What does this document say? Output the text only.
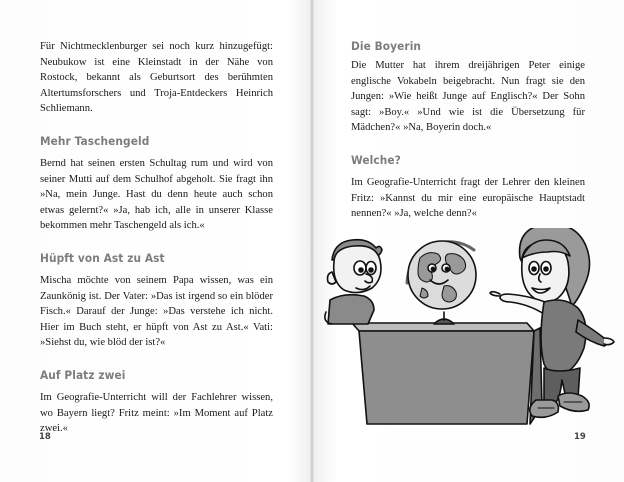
Für Nichtmecklenburger sei noch kurz hinzugefügt: Neubukow ist eine Kleinstadt in der Nähe von Rostock, bekannt als Geburtsort des berühmten Altertumsforschers und Troja-Entdeckers Heinrich Schliemann.

Mehr Taschengeld

Bernd hat seinen ersten Schultag rum und wird von seiner Mutti auf dem Schulhof abgeholt. Sie fragt ihn »Na, mein Junge. Hast du denn heute auch schon etwas gelernt?« »Ja, hab ich, alle in unserer Klasse bekommen mehr Taschengeld als ich.«

Hüpft von Ast zu Ast

Mischa möchte von seinem Papa wissen, was ein Zaunkönig ist. Der Vater: »Das ist irgend so ein blöder Fisch.« Darauf der Junge: »Das verstehe ich nicht. Hier im Buch steht, er hüpft von Ast zu Ast.« Vati: »Siehst du, wie blöd der ist?«

Auf Platz zwei

Im Geografie-Unterricht will der Fachlehrer wissen, wo Bayern liegt? Fritz meint: »Im Moment auf Platz zwei.«

18
Die Boyerin

Die Mutter hat ihrem dreijährigen Peter einige englische Vokabeln beigebracht. Nun fragt sie den Jungen: »Wie heißt Junge auf Englisch?« Der Sohn sagt: »Boy.« »Und wie ist die Übersetzung für Mädchen?« »Na, Boyerin doch.«

Welche?

Im Geografie-Unterricht fragt der Lehrer den kleinen Fritz: »Kannst du mir eine europäische Hauptstadt nennen?« »Ja, welche denn?«

19
